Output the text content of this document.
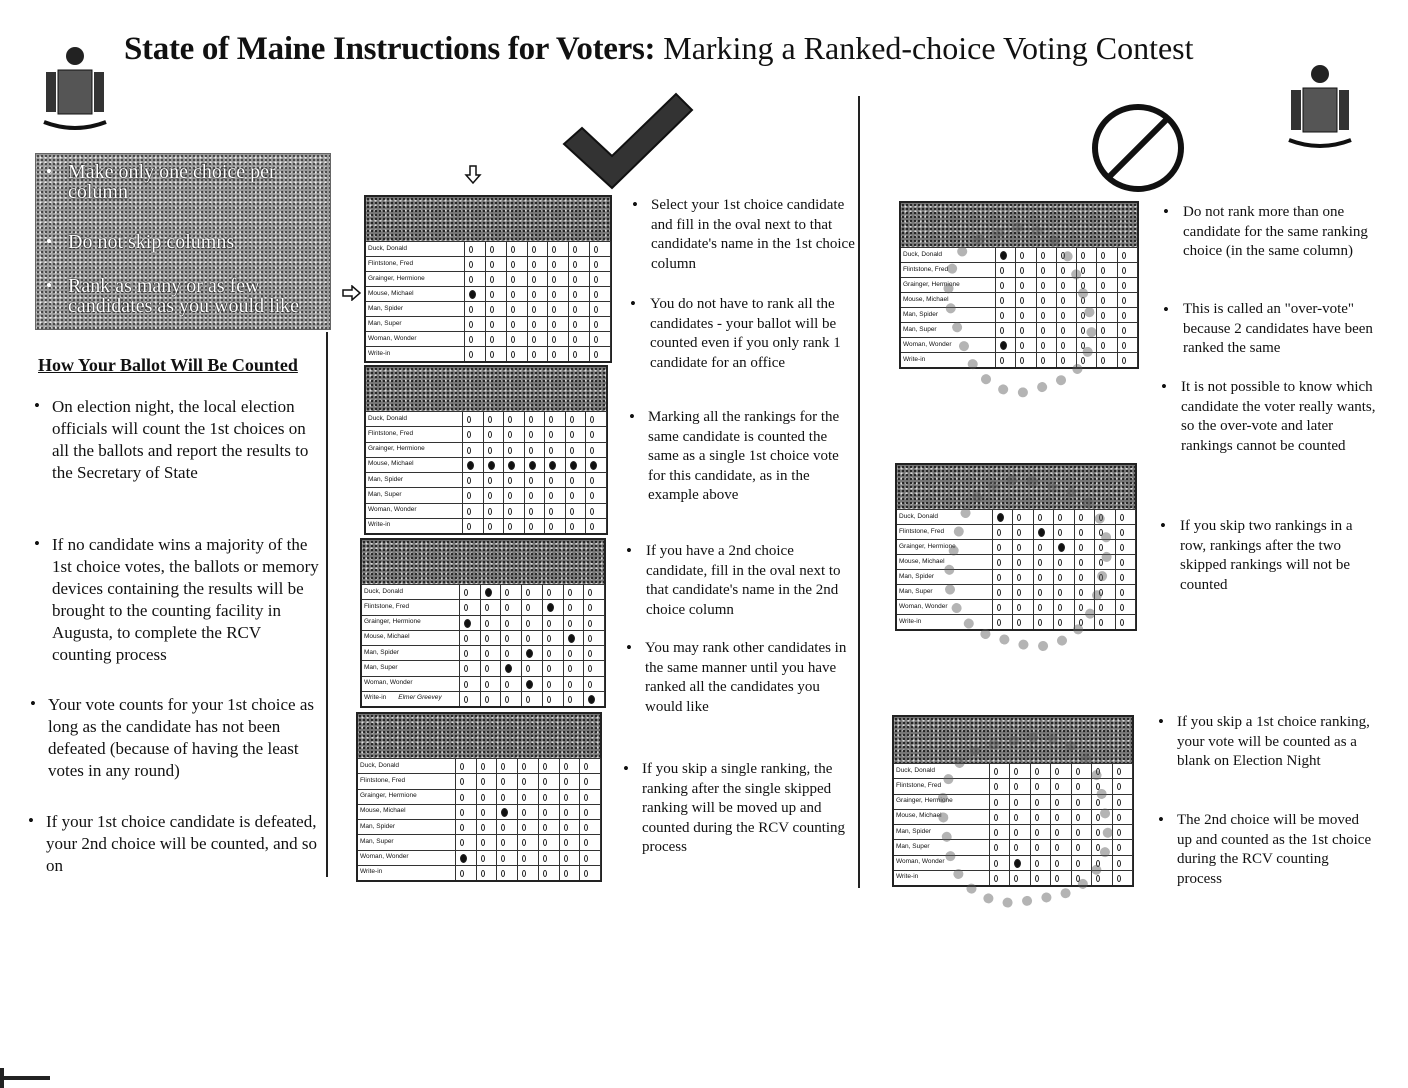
State of Maine Instructions for Voters: Marking a Ranked-choice Voting Contest
• Make only one choice per column
• Do not skip columns
• Rank as many or as few candidates as you would like
How Your Ballot Will Be Counted
• On election night, the local election officials will count the 1st choices on all the ballots and report the results to the Secretary of State
• If no candidate wins a majority of the 1st choice votes, the ballots or memory devices containing the results will be brought to the counting facility in Augusta, to complete the RCV counting process
• Your vote counts for your 1st choice as long as the candidate has not been defeated (because of having the least votes in any round)
• If your 1st choice candidate is defeated, your 2nd choice will be counted, and so on
Duck, Donald
Flintstone, Fred
Grainger, Hermione
Mouse, Michael
Man, Spider
Man, Super
Woman, Wonder
Write-in
Duck, Donald
Flintstone, Fred
Grainger, Hermione
Mouse, Michael
Man, Spider
Man, Super
Woman, Wonder
Write-in
Duck, Donald
Flintstone, Fred
Grainger, Hermione
Mouse, Michael
Man, Spider
Man, Super
Woman, Wonder
Write-in Elmer Greevey
Duck, Donald
Flintstone, Fred
Grainger, Hermione
Mouse, Michael
Man, Spider
Man, Super
Woman, Wonder
Write-in
• Select your 1st choice candidate and fill in the oval next to that candidate's name in the 1st choice column
• You do not have to rank all the candidates - your ballot will be counted even if you only rank 1 candidate for an office
• Marking all the rankings for the same candidate is counted the same as a single 1st choice vote for this candidate, as in the example above
• If you have a 2nd choice candidate, fill in the oval next to that candidate's name in the 2nd choice column
• You may rank other candidates in the same manner until you have ranked all the candidates you would like
• If you skip a single ranking, the ranking after the single skipped ranking will be moved up and counted during the RCV counting process
Duck, Donald
Flintstone, Fred
Grainger, Hermione
Mouse, Michael
Man, Spider
Man, Super
Woman, Wonder
Write-in
Duck, Donald
Flintstone, Fred
Grainger, Hermione
Mouse, Michael
Man, Spider
Man, Super
Woman, Wonder
Write-in
Duck, Donald
Flintstone, Fred
Grainger, Hermione
Mouse, Michael
Man, Spider
Man, Super
Woman, Wonder
Write-in
• Do not rank more than one candidate for the same ranking choice (in the same column)
• This is called an "over-vote" because 2 candidates have been ranked the same
• It is not possible to know which candidate the voter really wants, so the over-vote and later rankings cannot be counted
• If you skip two rankings in a row, rankings after the two skipped rankings will not be counted
• If you skip a 1st choice ranking, your vote will be counted as a blank on Election Night
• The 2nd choice will be moved up and counted as the 1st choice during the RCV counting process
